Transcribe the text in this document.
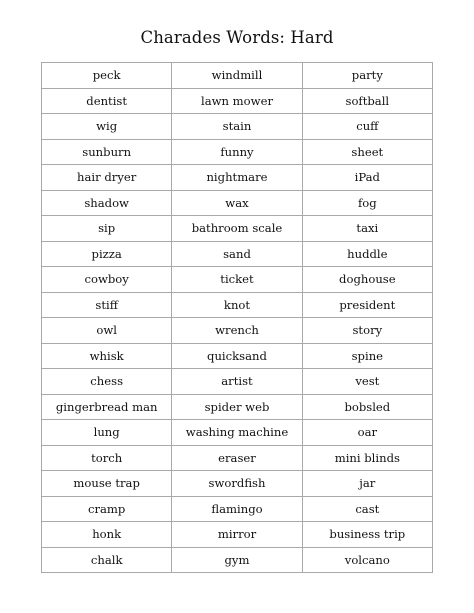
Charades Words: Hard
peck	windmill	party
dentist	lawn mower	softball
wig	stain	cuff
sunburn	funny	sheet
hair dryer	nightmare	iPad
shadow	wax	fog
sip	bathroom scale	taxi
pizza	sand	huddle
cowboy	ticket	doghouse
stiff	knot	president
owl	wrench	story
whisk	quicksand	spine
chess	artist	vest
gingerbread man	spider web	bobsled
lung	washing machine	oar
torch	eraser	mini blinds
mouse trap	swordfish	jar
cramp	flamingo	cast
honk	mirror	business trip
chalk	gym	volcano
